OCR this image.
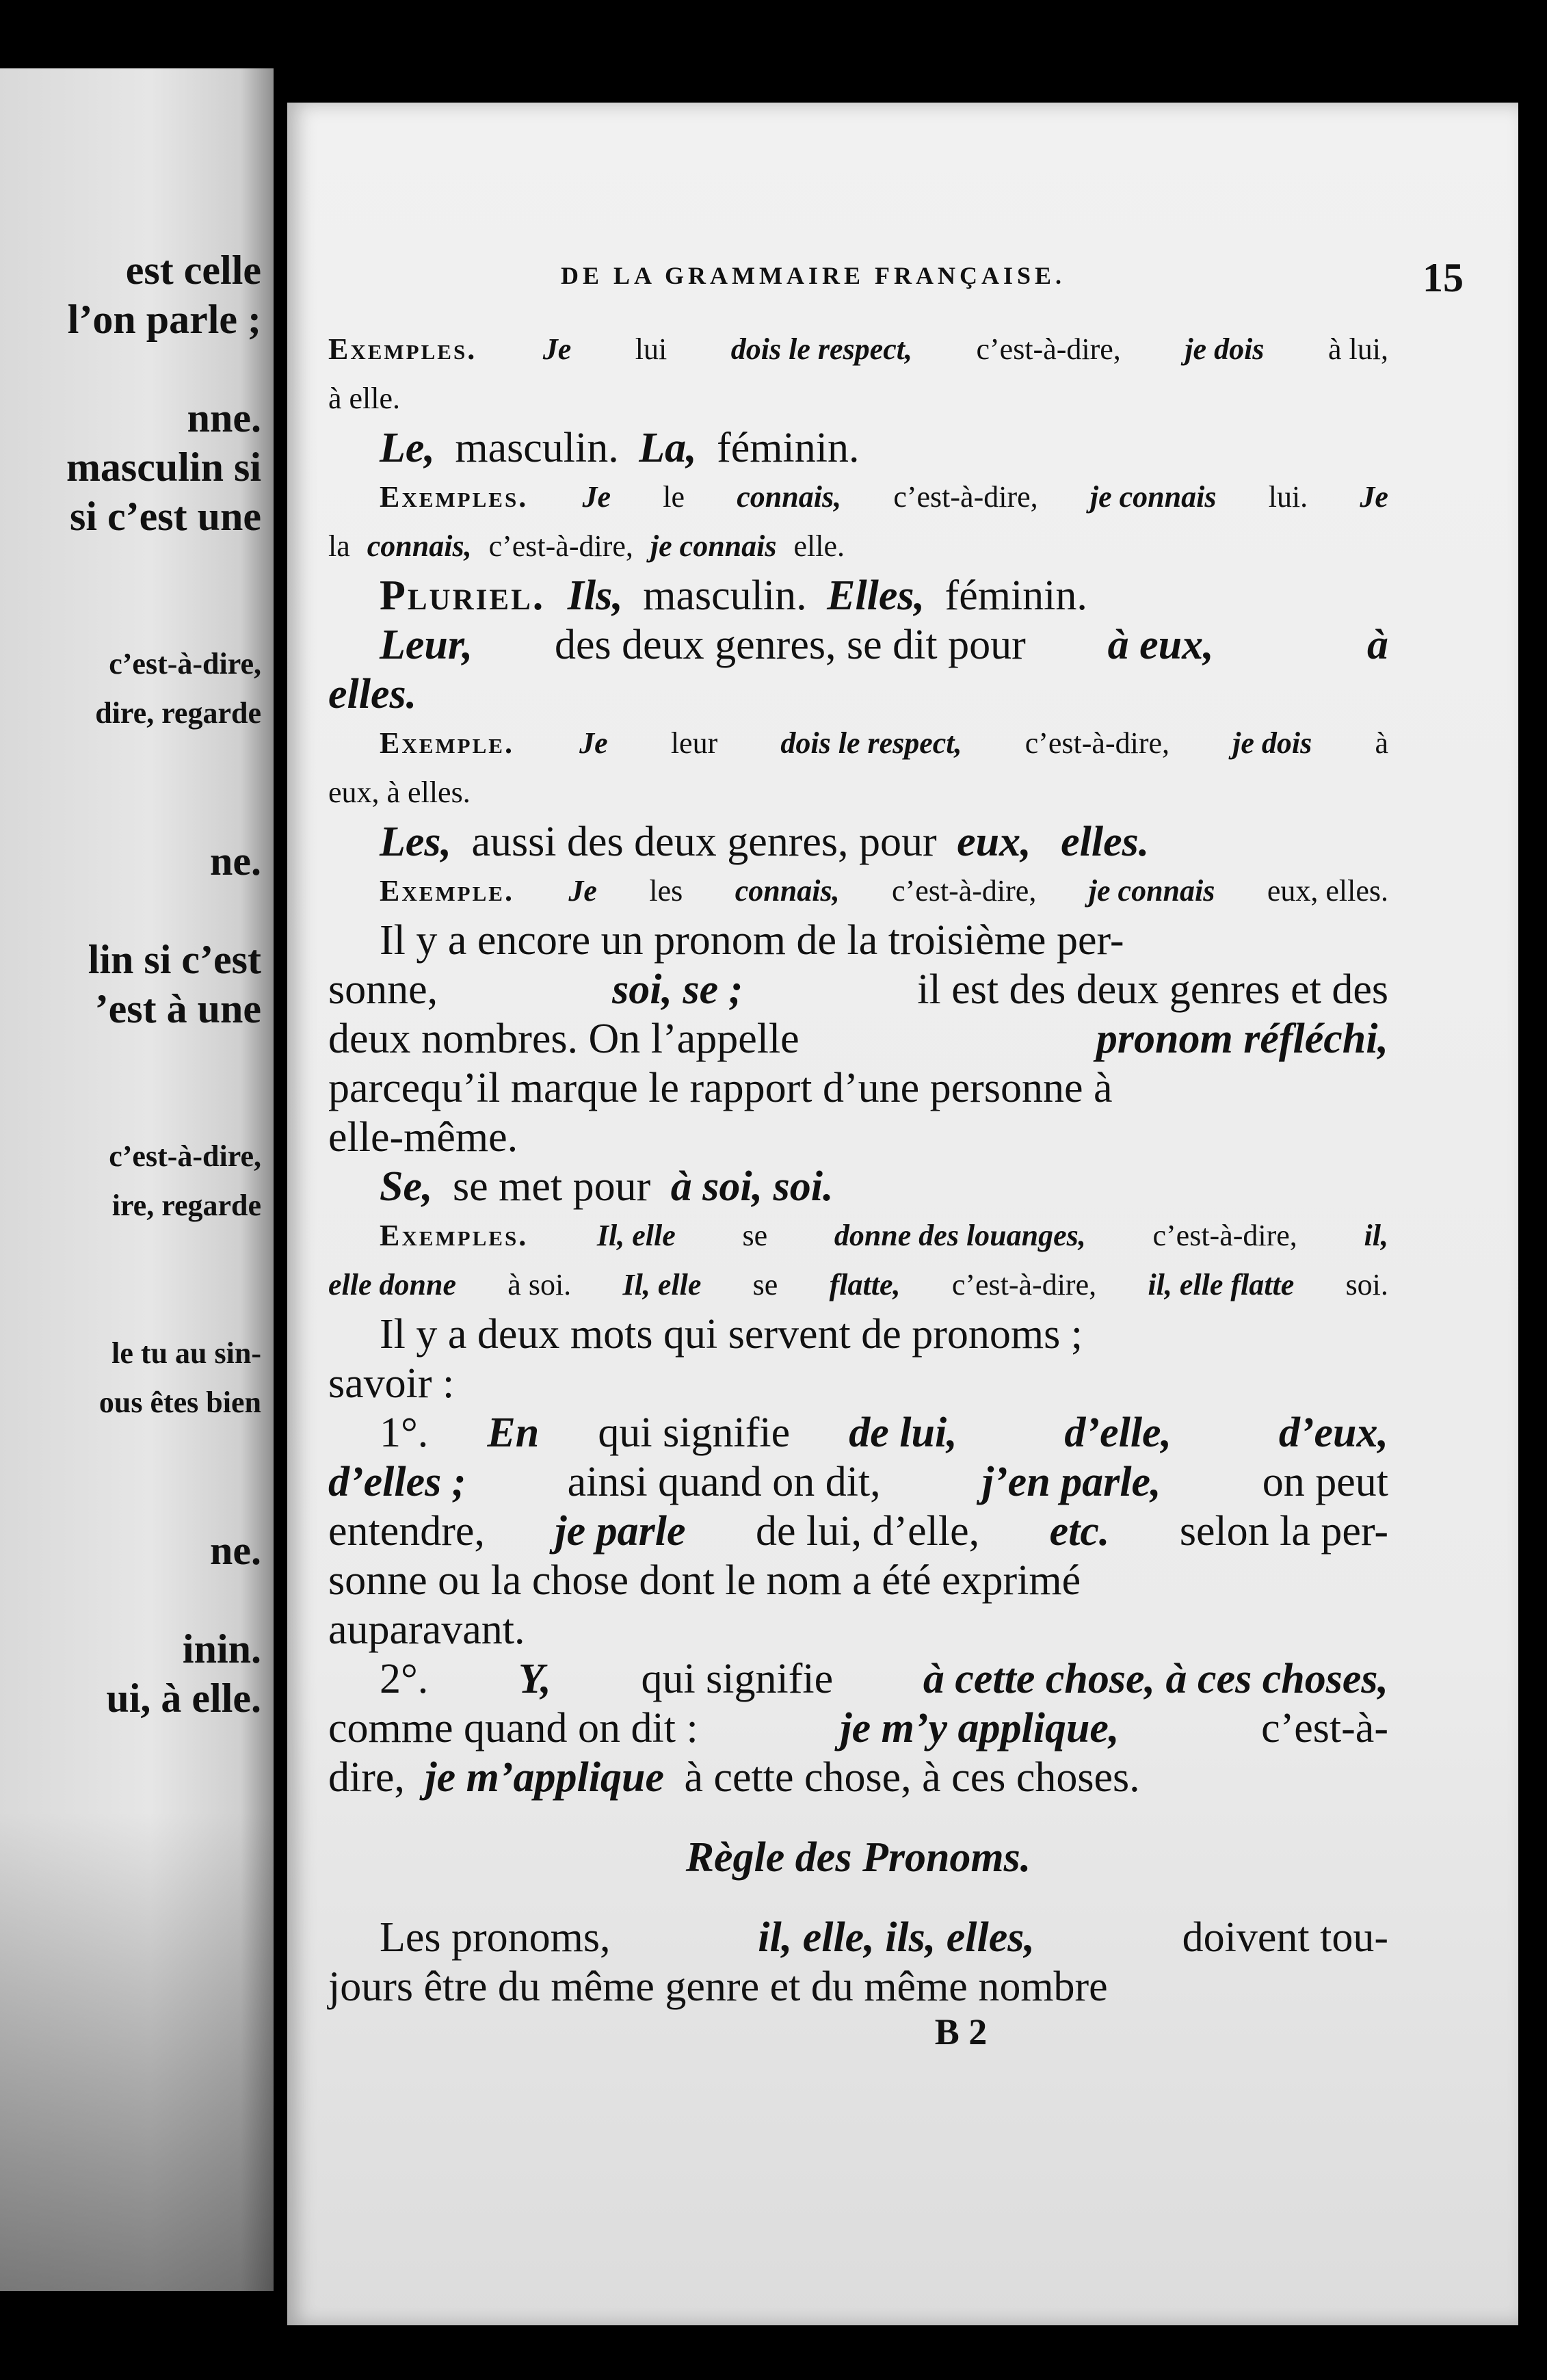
est celle
l’on parle ;
nne.
masculin si
si c’est une
c’est-à-dire,
dire, regarde
ne.
lin si c’est
’est à une
c’est-à-dire,
ire, regarde
le tu au sin-
ous êtes bien
ne.
inin.
ui, à elle.
DE LA GRAMMAIRE FRANÇAISE.	15
Exemples. Je lui dois le respect, c’est-à-dire, je dois à lui,
à elle.
Le, masculin. La, féminin.
Exemples. Je le connais, c’est-à-dire, je connais lui. Je
la connais, c’est-à-dire, je connais elle.
Pluriel. Ils, masculin. Elles, féminin.
Leur, des deux genres, se dit pour à eux,
	à
elles.
Exemple. Je leur dois le respect, c’est-à-dire, je dois à
eux, à elles.
Les, aussi des deux genres, pour eux,
elles.
Exemple. Je les connais, c’est-à-dire, je connais eux, elles.
Il y a encore un pronom de la troisième per-
sonne,	soi, se ;	il est des deux genres et des
deux nombres. On l’appelle	pronom réfléchi,
parcequ’il marque le rapport d’une personne à
elle-même.
Se, se met pour à soi, soi.
Exemples. Il, elle se donne des louanges, c’est-à-dire, il,
elle donne à soi. Il, elle se flatte, c’est-à-dire, il, elle flatte soi.
Il y a deux mots qui servent de pronoms ;
savoir :
1°. En qui signifie de lui,
	d’elle,
	d’eux,
d’elles ; ainsi quand on dit, j’en parle, on peut
entendre, je parle de lui, d’elle, etc. selon la per-
sonne ou la chose dont le nom a été exprimé
auparavant.
2°. Y, qui signifie à cette chose, à ces choses,
comme quand on dit :	je m’y applique,	c’est-à-
dire, je m’applique à cette chose, à ces choses.
Règle des Pronoms.
Les pronoms,	il, elle, ils, elles,	doivent tou-
jours être du même genre et du même nombre
B 2
